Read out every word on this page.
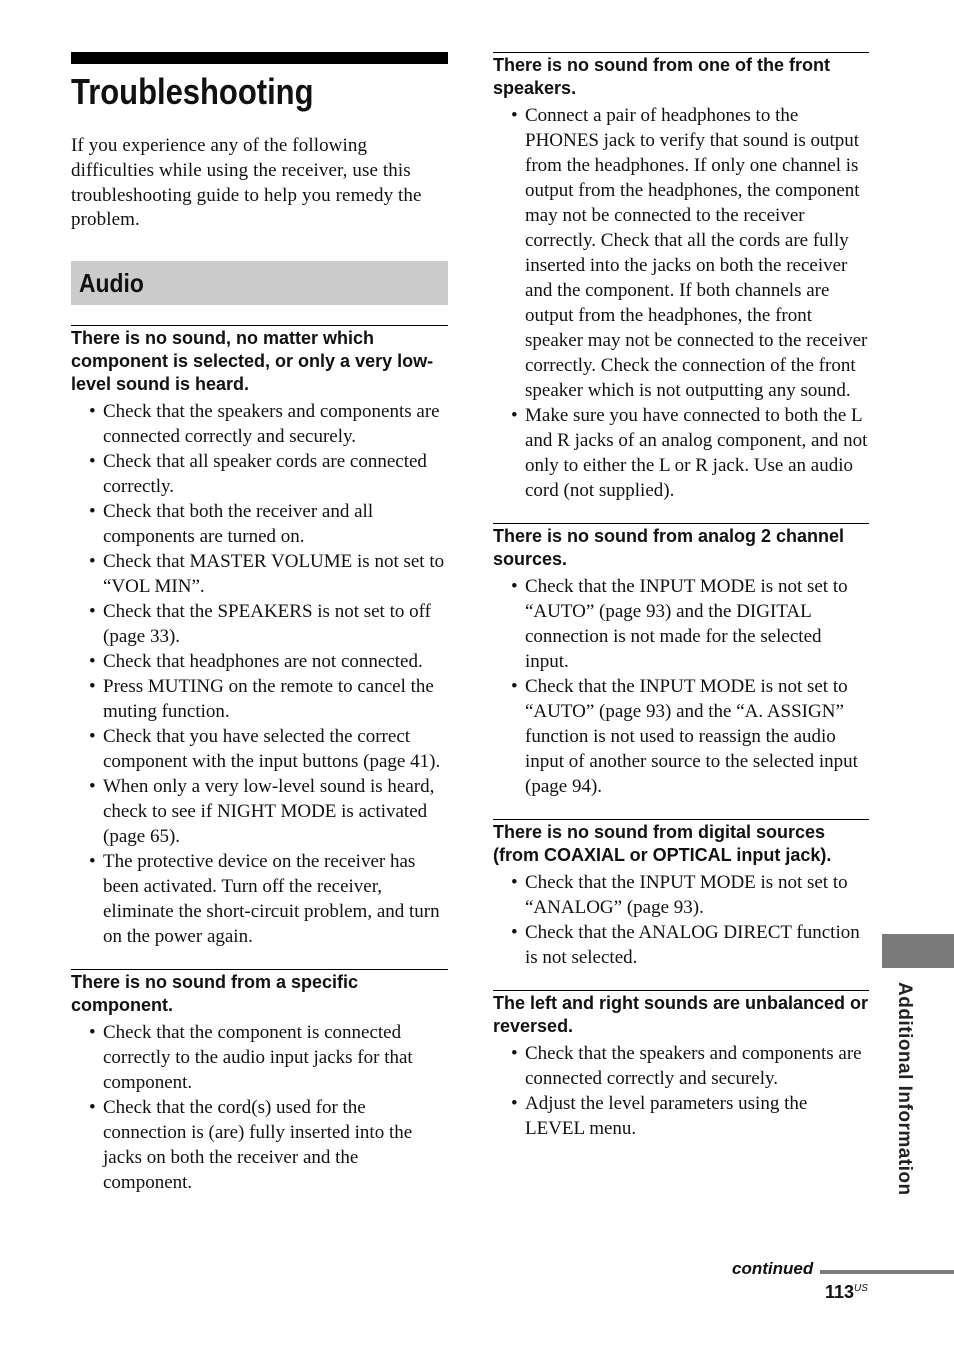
Troubleshooting

If you experience any of the following difficulties while using the receiver, use this troubleshooting guide to help you remedy the problem.

Audio
There is no sound, no matter which component is selected, or only a very low-level sound is heard.
• Check that the speakers and components are connected correctly and securely.
• Check that all speaker cords are connected correctly.
• Check that both the receiver and all components are turned on.
• Check that MASTER VOLUME is not set to “VOL MIN”.
• Check that the SPEAKERS is not set to off (page 33).
• Check that headphones are not connected.
• Press MUTING on the remote to cancel the muting function.
• Check that you have selected the correct component with the input buttons (page 41).
• When only a very low-level sound is heard, check to see if NIGHT MODE is activated (page 65).
• The protective device on the receiver has been activated. Turn off the receiver, eliminate the short-circuit problem, and turn on the power again.
There is no sound from a specific component.
• Check that the component is connected correctly to the audio input jacks for that component.
• Check that the cord(s) used for the connection is (are) fully inserted into the jacks on both the receiver and the component.
There is no sound from one of the front speakers.
• Connect a pair of headphones to the PHONES jack to verify that sound is output from the headphones. If only one channel is output from the headphones, the component may not be connected to the receiver correctly. Check that all the cords are fully inserted into the jacks on both the receiver and the component. If both channels are output from the headphones, the front speaker may not be connected to the receiver correctly. Check the connection of the front speaker which is not outputting any sound.
• Make sure you have connected to both the L and R jacks of an analog component, and not only to either the L or R jack. Use an audio cord (not supplied).
There is no sound from analog 2 channel sources.
• Check that the INPUT MODE is not set to “AUTO” (page 93) and the DIGITAL connection is not made for the selected input.
• Check that the INPUT MODE is not set to “AUTO” (page 93) and the “A. ASSIGN” function is not used to reassign the audio input of another source to the selected input (page 94).
There is no sound from digital sources (from COAXIAL or OPTICAL input jack).
• Check that the INPUT MODE is not set to “ANALOG” (page 93).
• Check that the ANALOG DIRECT function is not selected.
The left and right sounds are unbalanced or reversed.
• Check that the speakers and components are connected correctly and securely.
• Adjust the level parameters using the LEVEL menu.	Additional Information
continued
$113^{US}$
